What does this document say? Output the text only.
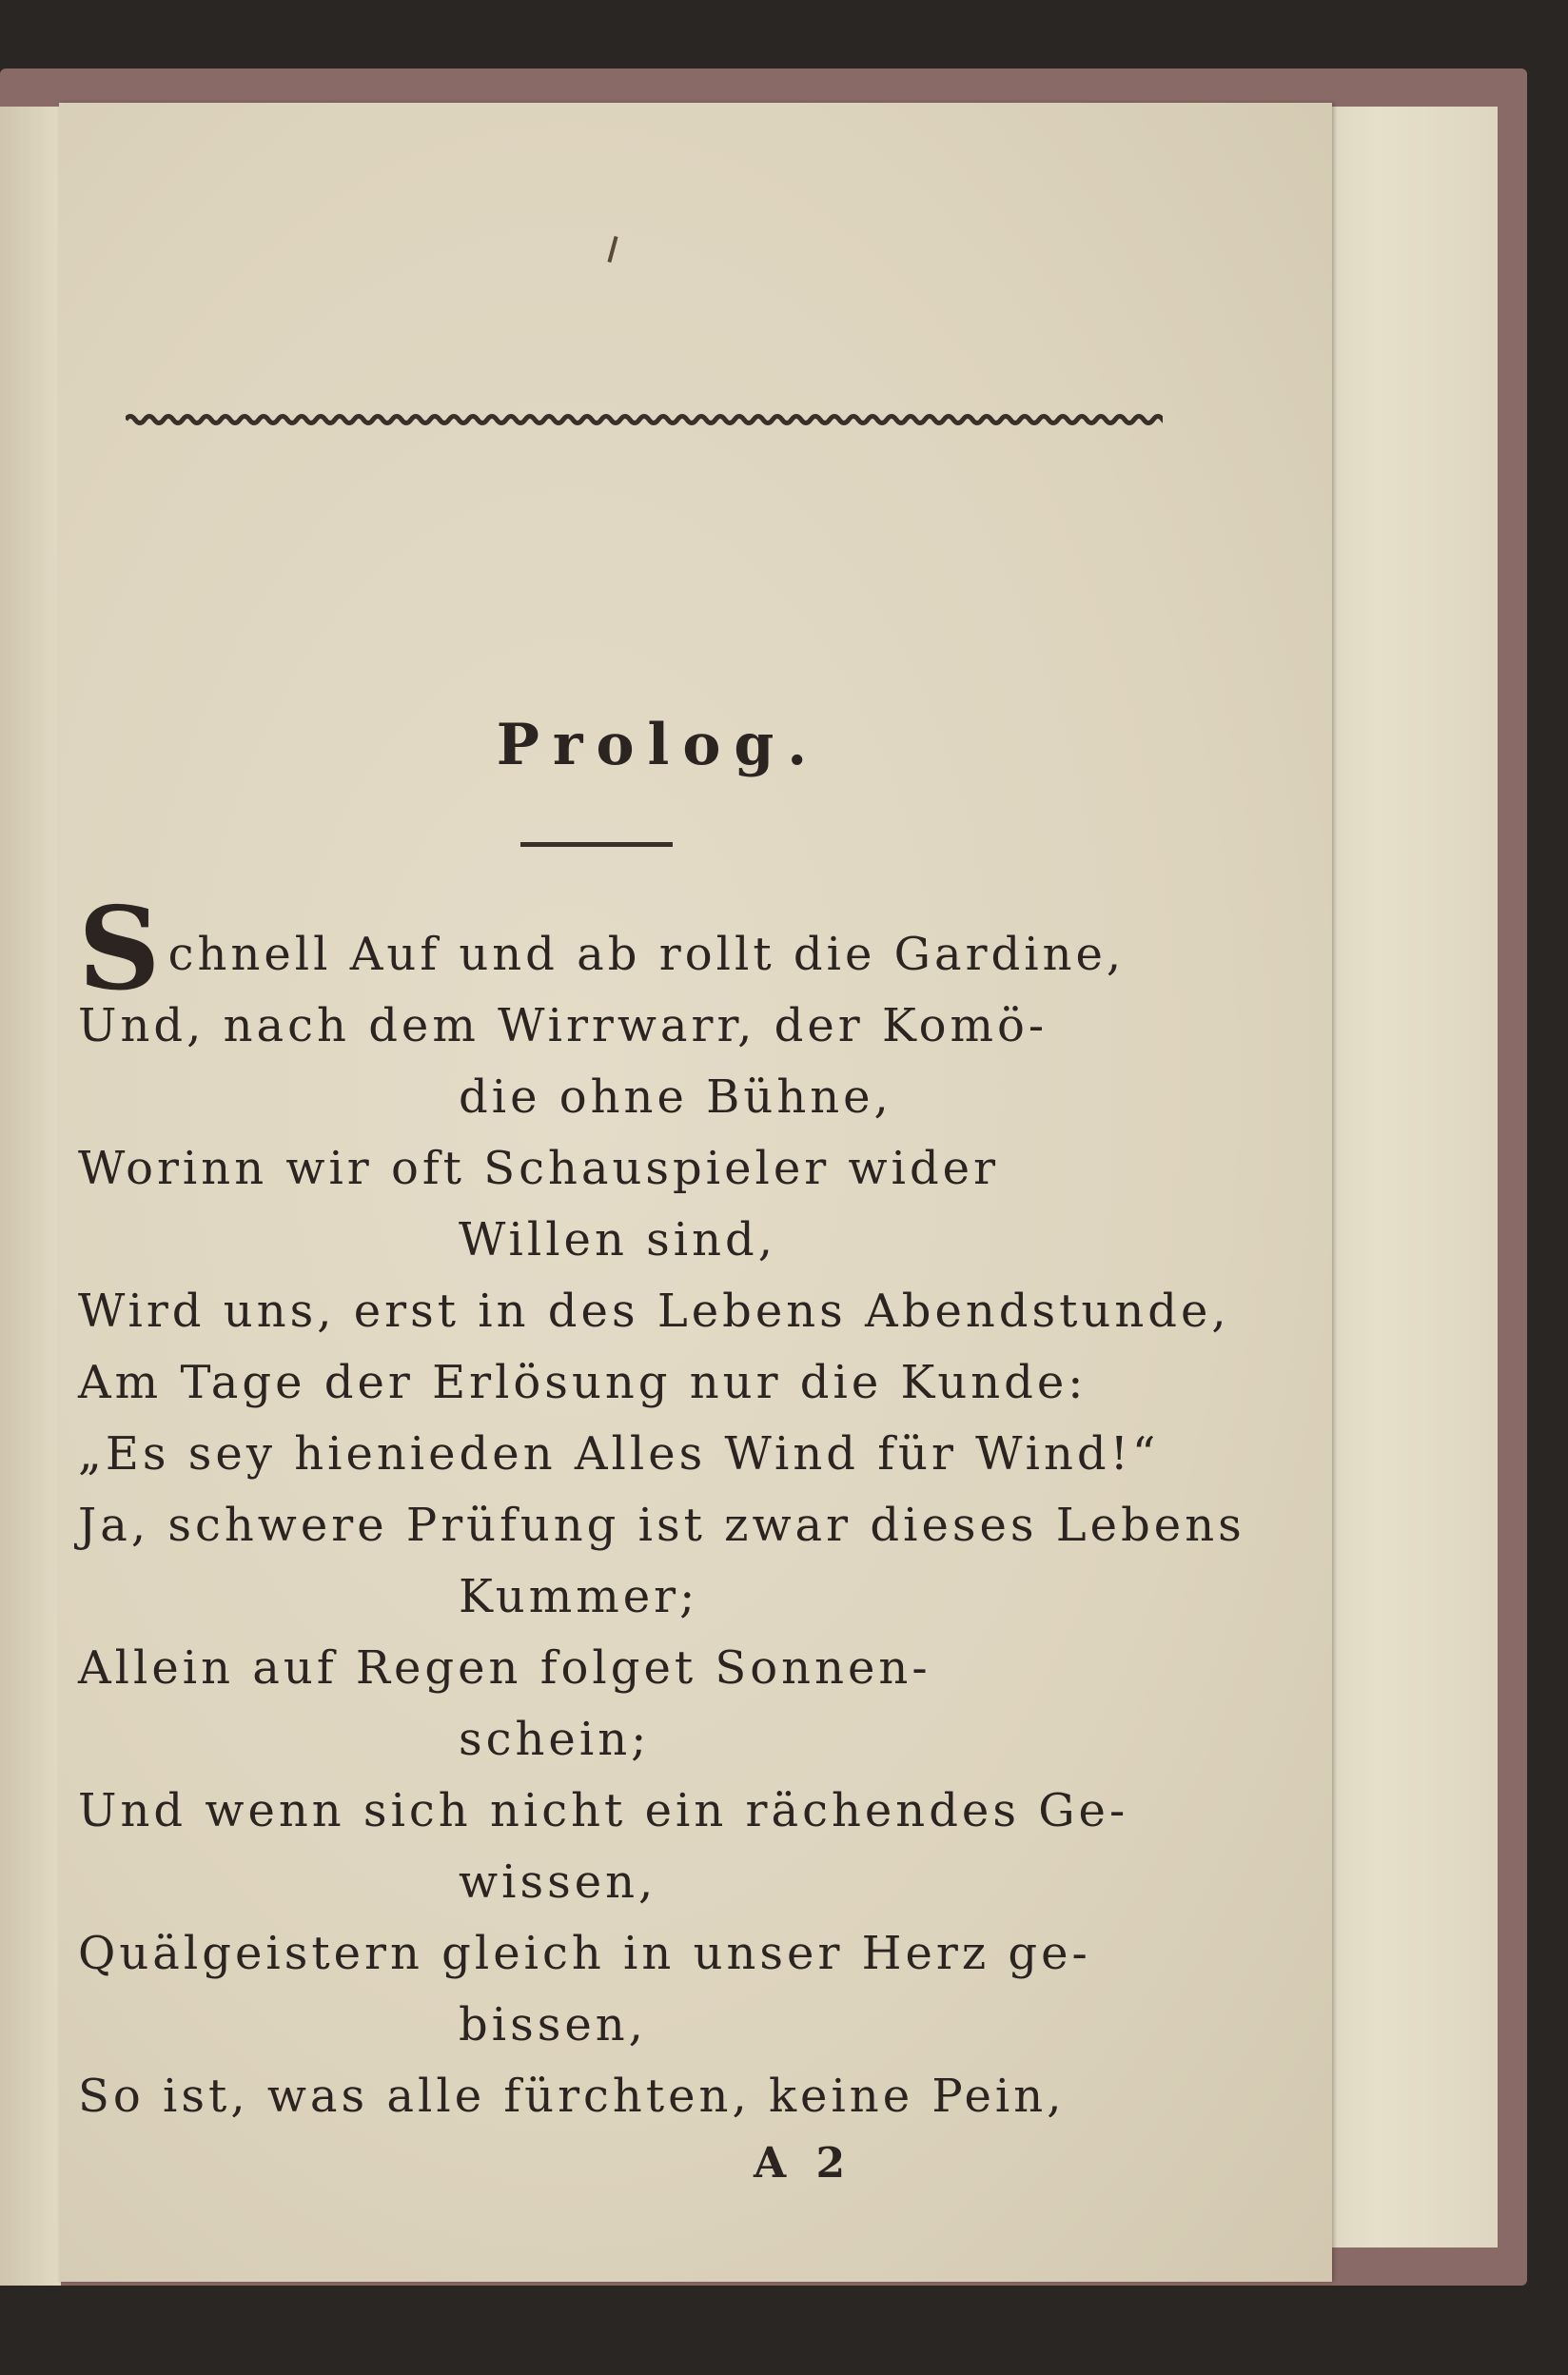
Prolog.
Schnell Auf und ab rollt die Gardine,
Und, nach dem Wirrwarr, der Komö-
die ohne Bühne,
Worinn wir oft Schauspieler wider
Willen sind,
Wird uns, erst in des Lebens Abendstunde,
Am Tage der Erlösung nur die Kunde:
„Es sey hienieden Alles Wind für Wind!“
Ja, schwere Prüfung ist zwar dieses Lebens
Kummer;
Allein auf Regen folget Sonnen-
schein;
Und wenn sich nicht ein rächendes Ge-
wissen,
Quälgeistern gleich in unser Herz ge-
bissen,
So ist, was alle fürchten, keine Pein,
A 2
